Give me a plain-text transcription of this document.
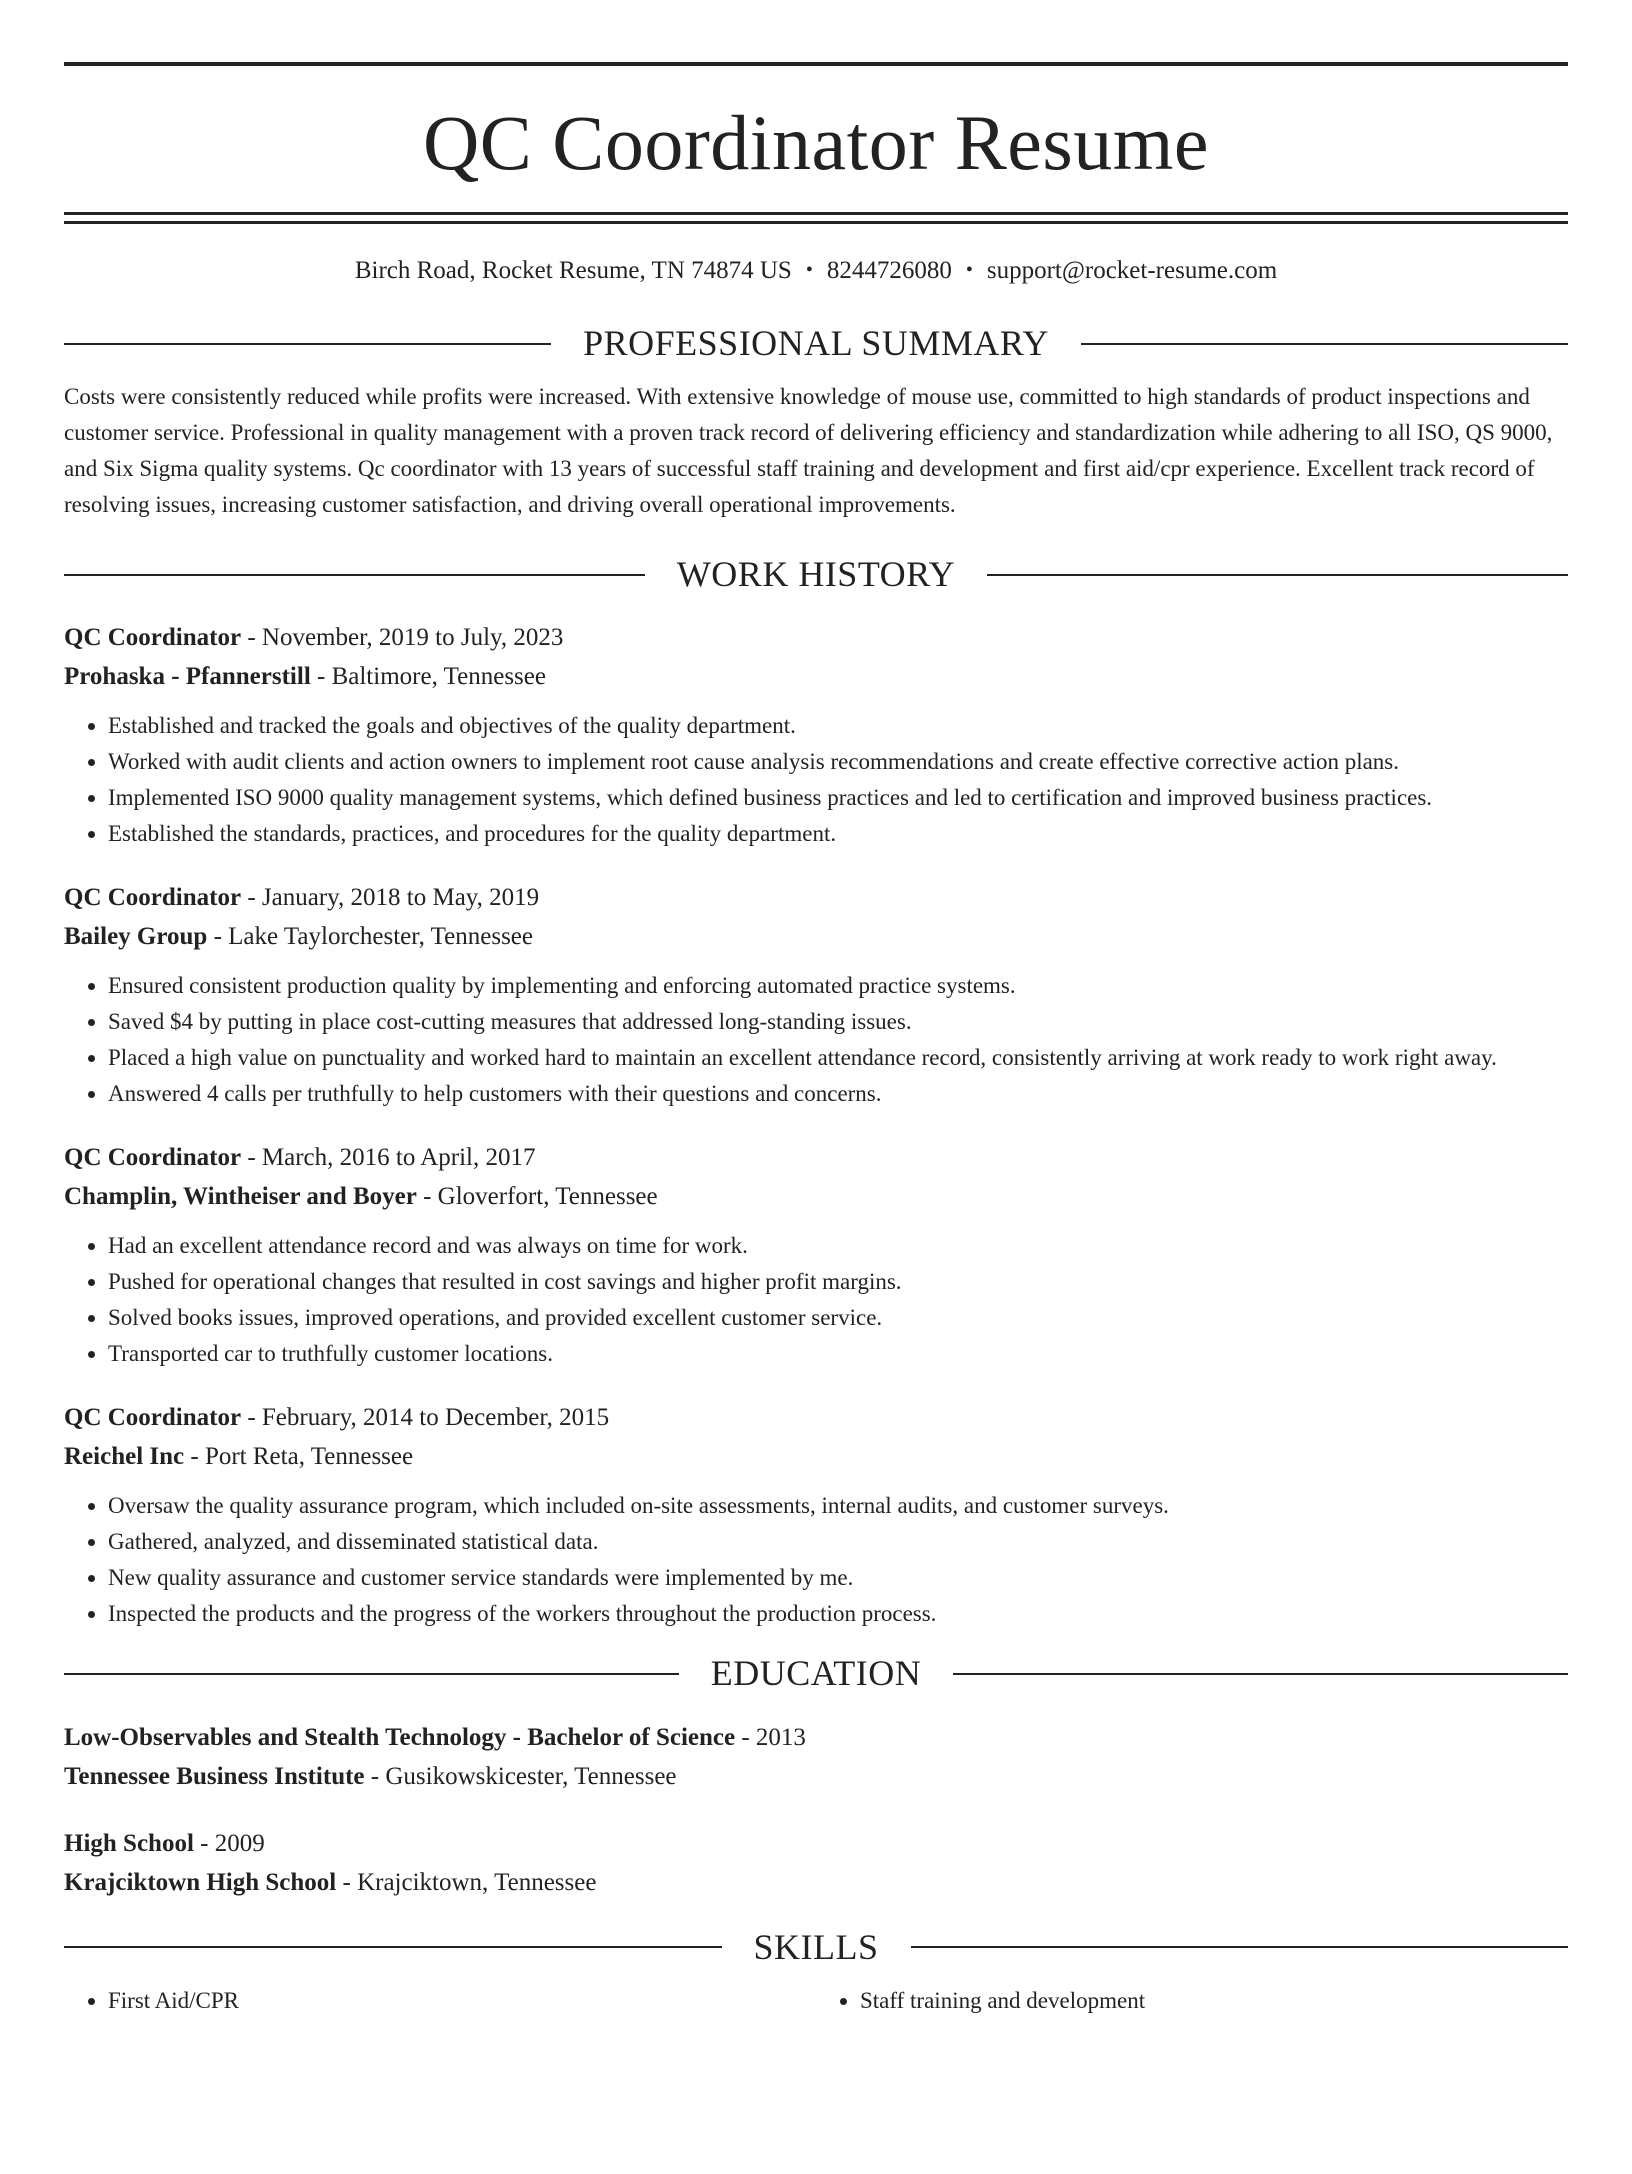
QC Coordinator Resume
Birch Road, Rocket Resume, TN 74874 US • 8244726080 • support@rocket-resume.com
PROFESSIONAL SUMMARY

Costs were consistently reduced while profits were increased. With extensive knowledge of mouse use, committed to high standards of product inspections and customer service. Professional in quality management with a proven track record of delivering efficiency and standardization while adhering to all ISO, QS 9000, and Six Sigma quality systems. Qc coordinator with 13 years of successful staff training and development and first aid/cpr experience. Excellent track record of resolving issues, increasing customer satisfaction, and driving overall operational improvements.

WORK HISTORY
QC Coordinator - November, 2019 to July, 2023
Prohaska - Pfannerstill - Baltimore, Tennessee
• Established and tracked the goals and objectives of the quality department.
• Worked with audit clients and action owners to implement root cause analysis recommendations and create effective corrective action plans.
• Implemented ISO 9000 quality management systems, which defined business practices and led to certification and improved business practices.
• Established the standards, practices, and procedures for the quality department.
QC Coordinator - January, 2018 to May, 2019
Bailey Group - Lake Taylorchester, Tennessee
• Ensured consistent production quality by implementing and enforcing automated practice systems.
• Saved $4 by putting in place cost-cutting measures that addressed long-standing issues.
• Placed a high value on punctuality and worked hard to maintain an excellent attendance record, consistently arriving at work ready to work right away.
• Answered 4 calls per truthfully to help customers with their questions and concerns.
QC Coordinator - March, 2016 to April, 2017
Champlin, Wintheiser and Boyer - Gloverfort, Tennessee
• Had an excellent attendance record and was always on time for work.
• Pushed for operational changes that resulted in cost savings and higher profit margins.
• Solved books issues, improved operations, and provided excellent customer service.
• Transported car to truthfully customer locations.
QC Coordinator - February, 2014 to December, 2015
Reichel Inc - Port Reta, Tennessee
• Oversaw the quality assurance program, which included on-site assessments, internal audits, and customer surveys.
• Gathered, analyzed, and disseminated statistical data.
• New quality assurance and customer service standards were implemented by me.
• Inspected the products and the progress of the workers throughout the production process.
EDUCATION
Low-Observables and Stealth Technology - Bachelor of Science - 2013
Tennessee Business Institute - Gusikowskicester, Tennessee
High School - 2009
Krajciktown High School - Krajciktown, Tennessee
SKILLS
• First Aid/CPR
•	Staff training and development
